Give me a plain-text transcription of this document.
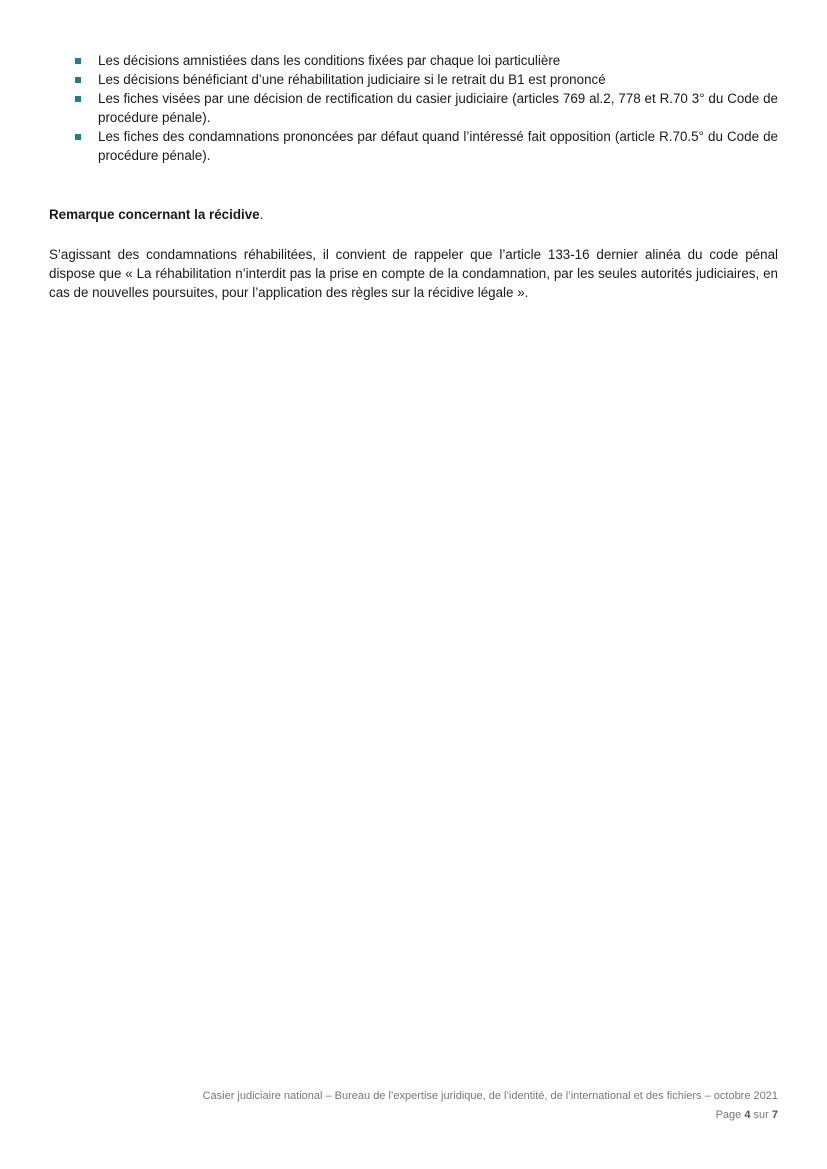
Les décisions amnistiées dans les conditions fixées par chaque loi particulière
Les décisions bénéficiant d’une réhabilitation judiciaire si le retrait du B1 est prononcé
Les fiches visées par une décision de rectification du casier judiciaire (articles 769 al.2, 778 et R.70 3° du Code de procédure pénale).
Les fiches des condamnations prononcées par défaut quand l’intéressé fait opposition (article R.70.5° du Code de procédure pénale).
Remarque concernant la récidive.

S’agissant des condamnations réhabilitées, il convient de rappeler que l’article 133-16 dernier alinéa du code pénal dispose que « La réhabilitation n’interdit pas la prise en compte de la condamnation, par les seules autorités judiciaires, en cas de nouvelles poursuites, pour l’application des règles sur la récidive légale ».

Casier judiciaire national – Bureau de l’expertise juridique, de l’identité, de l’international et des fichiers – octobre 2021
Page 4 sur 7
